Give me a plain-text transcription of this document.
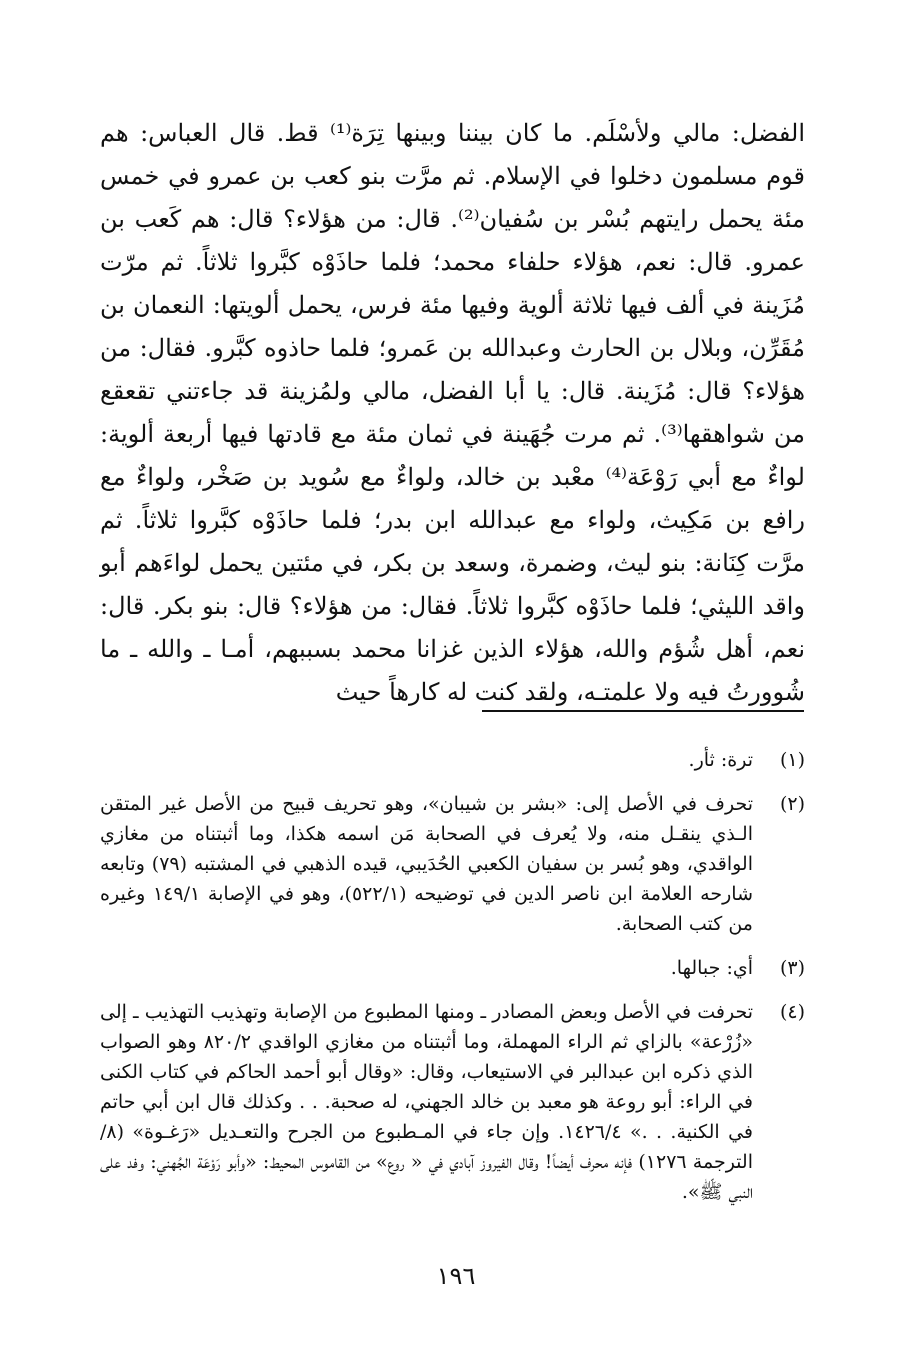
الفضل: مالي ولأسْلَم. ما كان بيننا وبينها تِرَة⁽¹⁾ قط. قال العباس: هم قوم مسلمون دخلوا في الإسلام. ثم مرَّت بنو كعب بن عمرو في خمس مئة يحمل رايتهم بُسْر بن سُفيان⁽²⁾. قال: من هؤلاء؟ قال: هم كَعب بن عمرو. قال: نعم، هؤلاء حلفاء محمد؛ فلما حاذَوْه كبَّروا ثلاثاً. ثم مرّت مُزَينة في ألف فيها ثلاثة ألوية وفيها مئة فرس، يحمل ألويتها: النعمان بن مُقَرِّن، وبلال بن الحارث وعبدالله بن عَمرو؛ فلما حاذوه كبَّرو. فقال: من هؤلاء؟ قال: مُزَينة. قال: يا أبا الفضل، مالي ولمُزينة قد جاءتني تقعقع من شواهقها⁽³⁾. ثم مرت جُهَينة في ثمان مئة مع قادتها فيها أربعة ألوية: لواءٌ مع أبي رَوْعَة⁽⁴⁾ معْبد بن خالد، ولواءٌ مع سُويد بن صَخْر، ولواءٌ مع رافع بن مَكِيث، ولواء مع عبدالله ابن بدر؛ فلما حاذَوْه كبَّروا ثلاثاً. ثم مرَّت كِنَانة: بنو ليث، وضمرة، وسعد بن بكر، في مئتين يحمل لواءَهم أبو واقد الليثي؛ فلما حاذَوْه كبَّروا ثلاثاً. فقال: من هؤلاء؟ قال: بنو بكر. قال: نعم، أهل شُؤم والله، هؤلاء الذين غزانا محمد بسببهم، أمـا ـ والله ـ ما شُوورتُ فيه ولا علمتـه، ولقد كنت له كارهاً حيث

(١)
ترة: ثأر.
(٢)
تحرف في الأصل إلى: «بشر بن شيبان»، وهو تحريف قبيح من الأصل غير المتقن الـذي ينقـل منه، ولا يُعرف في الصحابة مَن اسمه هكذا، وما أثبتناه من مغازي الواقدي، وهو بُسر بن سفيان الكعبي الحُدَيبي، قيده الذهبي في المشتبه (٧٩) وتابعه شارحه العلامة ابن ناصر الدين في توضيحه (٥٢٢/١)، وهو في الإصابة ١٤٩/١ وغيره من كتب الصحابة.
(٣)
أي: جبالها.
(٤)
تحرفت في الأصل وبعض المصادر ـ ومنها المطبوع من الإصابة وتهذيب التهذيب ـ إلى «زُرْعة» بالزاي ثم الراء المهملة، وما أثبتناه من مغازي الواقدي ٨٢٠/٢ وهو الصواب الذي ذكره ابن عبدالبر في الاستيعاب، وقال: «وقال أبو أحمد الحاكم في كتاب الكنى في الراء: أبو روعة هو معبد بن خالد الجهني، له صحبة. . . وكذلك قال ابن أبي حاتم في الكنية. . .» ١٤٢٦/٤. وإن جاء في المـطبوع من الجرح والتعـديل «رَغـوة» (٨/الترجمة ١٢٧٦) فإنه محرف أيضاً! وقال الفيروز آبادي في « روع» من القاموس المحيط: «وأبو رَوْعَة الجُهني: وفد على النبي ﷺ».
١٩٦
